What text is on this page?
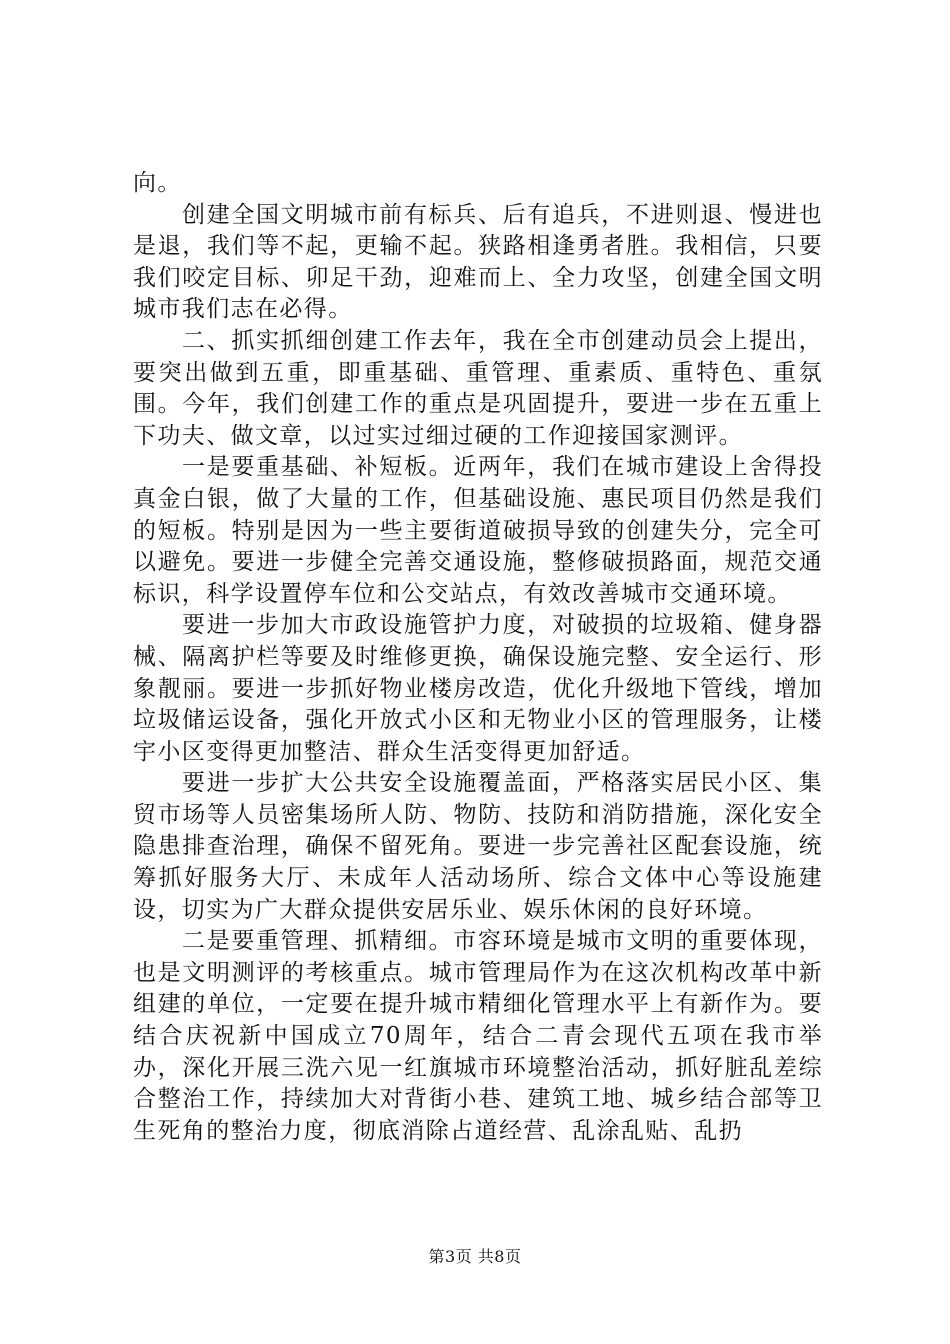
向。

创建全国文明城市前有标兵、后有追兵，不进则退、慢进也是退，我们等不起，更输不起。狭路相逢勇者胜。我相信，只要我们咬定目标、卯足干劲，迎难而上、全力攻坚，创建全国文明城市我们志在必得。

二、抓实抓细创建工作去年，我在全市创建动员会上提出，要突出做到五重，即重基础、重管理、重素质、重特色、重氛围。今年，我们创建工作的重点是巩固提升，要进一步在五重上下功夫、做文章，以过实过细过硬的工作迎接国家测评。

一是要重基础、补短板。近两年，我们在城市建设上舍得投真金白银，做了大量的工作，但基础设施、惠民项目仍然是我们的短板。特别是因为一些主要街道破损导致的创建失分，完全可以避免。要进一步健全完善交通设施，整修破损路面，规范交通标识，科学设置停车位和公交站点，有效改善城市交通环境。

要进一步加大市政设施管护力度，对破损的垃圾箱、健身器械、隔离护栏等要及时维修更换，确保设施完整、安全运行、形象靓丽。要进一步抓好物业楼房改造，优化升级地下管线，增加垃圾储运设备，强化开放式小区和无物业小区的管理服务，让楼宇小区变得更加整洁、群众生活变得更加舒适。

要进一步扩大公共安全设施覆盖面，严格落实居民小区、集贸市场等人员密集场所人防、物防、技防和消防措施，深化安全隐患排查治理，确保不留死角。要进一步完善社区配套设施，统筹抓好服务大厅、未成年人活动场所、综合文体中心等设施建设，切实为广大群众提供安居乐业、娱乐休闲的良好环境。

二是要重管理、抓精细。市容环境是城市文明的重要体现，也是文明测评的考核重点。城市管理局作为在这次机构改革中新组建的单位，一定要在提升城市精细化管理水平上有新作为。要结合庆祝新中国成立70周年，结合二青会现代五项在我市举办，深化开展三洗六见一红旗城市环境整治活动，抓好脏乱差综合整治工作，持续加大对背街小巷、建筑工地、城乡结合部等卫生死角的整治力度，彻底消除占道经营、乱涂乱贴、乱扔

第3页 共8页
